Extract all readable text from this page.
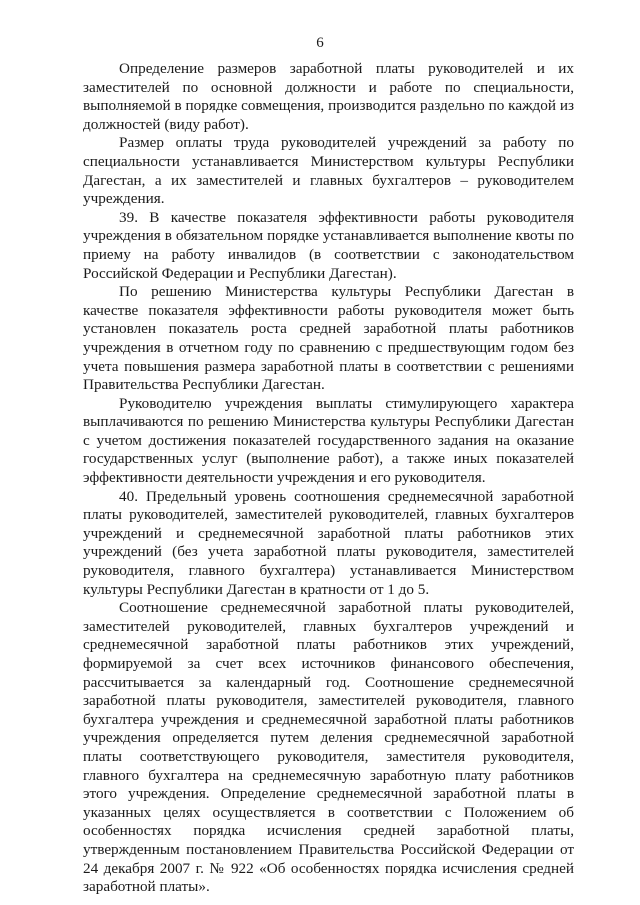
6

Определение размеров заработной платы руководителей и их заместителей по основной должности и работе по специальности, выполняемой в порядке совмещения, производится раздельно по каждой из должностей (виду работ).

Размер оплаты труда руководителей учреждений за работу по специальности устанавливается Министерством культуры Республики Дагестан, а их заместителей и главных бухгалтеров – руководителем учреждения.

39. В качестве показателя эффективности работы руководителя учреждения в обязательном порядке устанавливается выполнение квоты по приему на работу инвалидов (в соответствии с законодательством Российской Федерации и Республики Дагестан).

По решению Министерства культуры Республики Дагестан в качестве показателя эффективности работы руководителя может быть установлен показатель роста средней заработной платы работников учреждения в отчетном году по сравнению с предшествующим годом без учета повышения размера заработной платы в соответствии с решениями Правительства Республики Дагестан.

Руководителю учреждения выплаты стимулирующего характера выплачиваются по решению Министерства культуры Республики Дагестан с учетом достижения показателей государственного задания на оказание государственных услуг (выполнение работ), а также иных показателей эффективности деятельности учреждения и его руководителя.

40. Предельный уровень соотношения среднемесячной заработной платы руководителей, заместителей руководителей, главных бухгалтеров учреждений и среднемесячной заработной платы работников этих учреждений (без учета заработной платы руководителя, заместителей руководителя, главного бухгалтера) устанавливается Министерством культуры Республики Дагестан в кратности от 1 до 5.

Соотношение среднемесячной заработной платы руководителей, заместителей руководителей, главных бухгалтеров учреждений и среднемесячной заработной платы работников этих учреждений, формируемой за счет всех источников финансового обеспечения, рассчитывается за календарный год. Соотношение среднемесячной заработной платы руководителя, заместителей руководителя, главного бухгалтера учреждения и среднемесячной заработной платы работников учреждения определяется путем деления среднемесячной заработной платы соответствующего руководителя, заместителя руководителя, главного бухгалтера на среднемесячную заработную плату работников этого учреждения. Определение среднемесячной заработной платы в указанных целях осуществляется в соответствии с Положением об особенностях порядка исчисления средней заработной платы, утвержденным постановлением Правительства Российской Федерации от 24 декабря 2007 г. № 922 «Об особенностях порядка исчисления средней заработной платы».
